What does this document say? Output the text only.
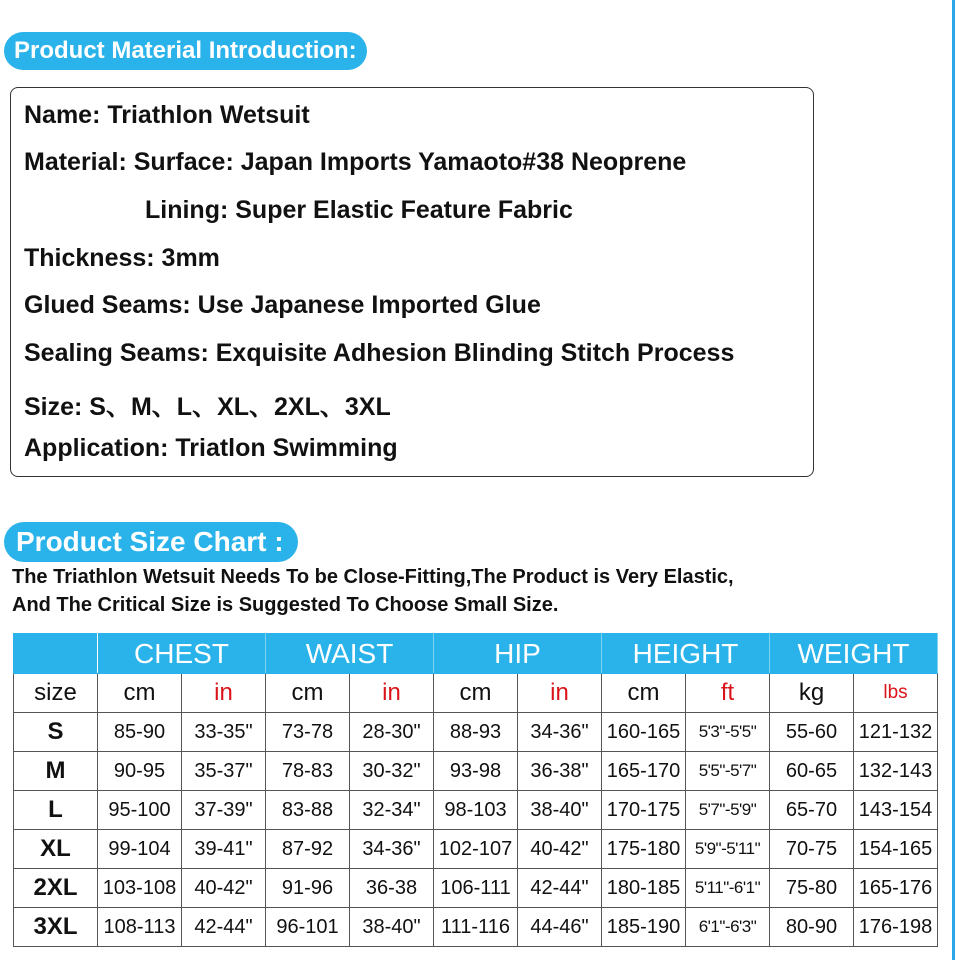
Product Material Introduction:
Name: Triathlon Wetsuit
Material: Surface: Japan Imports Yamaoto#38 Neoprene
Lining: Super Elastic Feature Fabric
Thickness: 3mm
Glued Seams: Use Japanese Imported Glue
Sealing Seams: Exquisite Adhesion Blinding Stitch Process
Size: S、M、L、XL、2XL、3XL
Application: Triatlon Swimming
Product Size Chart :
The Triathlon Wetsuit Needs To be Close-Fitting,The Product is Very Elastic,
And The Critical Size is Suggested To Choose Small Size.
	CHEST		WAIST		HIP		HEIGHT		WEIGHT	
size	cm	in	cm	in	cm	in	cm	ft	kg	lbs
S	85-90	33-35"	73-78	28-30"	88-93	34-36"	160-165	5'3"-5'5"	55-60	121-132
M	90-95	35-37"	78-83	30-32"	93-98	36-38"	165-170	5'5"-5'7"	60-65	132-143
L	95-100	37-39"	83-88	32-34"	98-103	38-40"	170-175	5'7"-5'9"	65-70	143-154
XL	99-104	39-41"	87-92	34-36"	102-107	40-42"	175-180	5'9"-5'11"	70-75	154-165
2XL	103-108	40-42"	91-96	36-38	106-111	42-44"	180-185	5'11"-6'1"	75-80	165-176
3XL	108-113	42-44"	96-101	38-40"	111-116	44-46"	185-190	6'1"-6'3"	80-90	176-198
